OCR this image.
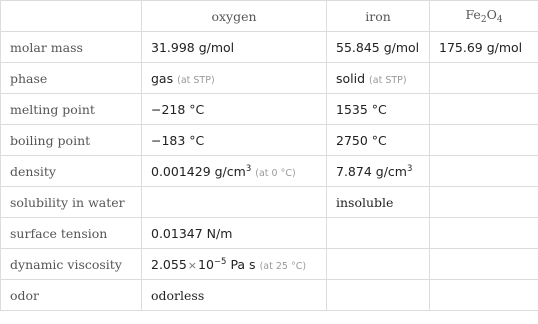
	oxygen	iron	$Fe_2O_4$
molar mass	31.998 g/mol	55.845 g/mol	175.69 g/mol
phase	gas (at STP)	solid (at STP)	
melting point	−218 °C	1535 °C	
boiling point	−183 °C	2750 °C	
density	0.001429 $g/cm^3$ (at 0 °C)	7.874 $g/cm^3$	
solubility in water		insoluble	
surface tension	0.01347 N/m		
dynamic viscosity	$2.055\times 10^{-5}$ Pa s (at 25 °C)		
odor	odorless		
